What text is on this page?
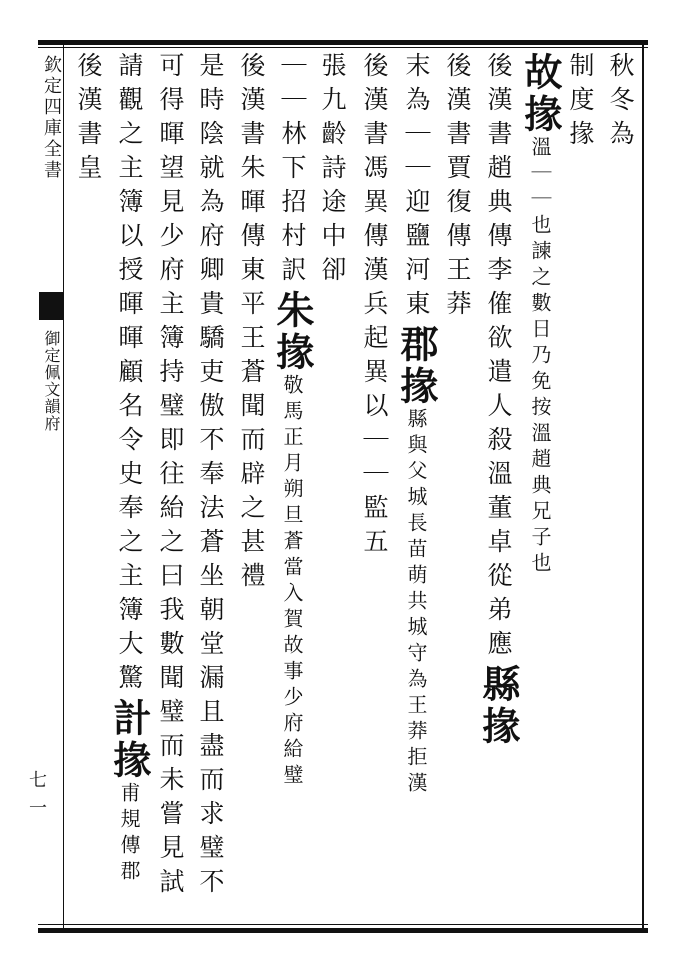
欽定四庫全書
御定佩文韻府
七一
秋冬為
制度掾
故掾溫｜｜也諫之數日乃免按溫趙典兄子也
後漢書趙典傳李傕欲遣人殺溫董卓從弟應縣掾
後漢書賈復傳王莽
末為｜｜迎鹽河東郡掾縣與父城長苗萌共城守為王莽拒漢
後漢書馮異傳漢兵起異以｜｜監五
張九齡詩途中卻
｜｜林下招村訳朱掾敬馬正月朔旦蒼當入賀故事少府給璧
後漢書朱暉傳東平王蒼聞而辟之甚禮
是時陰就為府卿貴驕吏傲不奉法蒼坐朝堂漏且盡而求璧不
可得暉望見少府主簿持璧即往紿之曰我數聞璧而未嘗見試
請觀之主簿以授暉暉顧名令史奉之主簿大驚計掾甫規傳郡
後漢書皇
